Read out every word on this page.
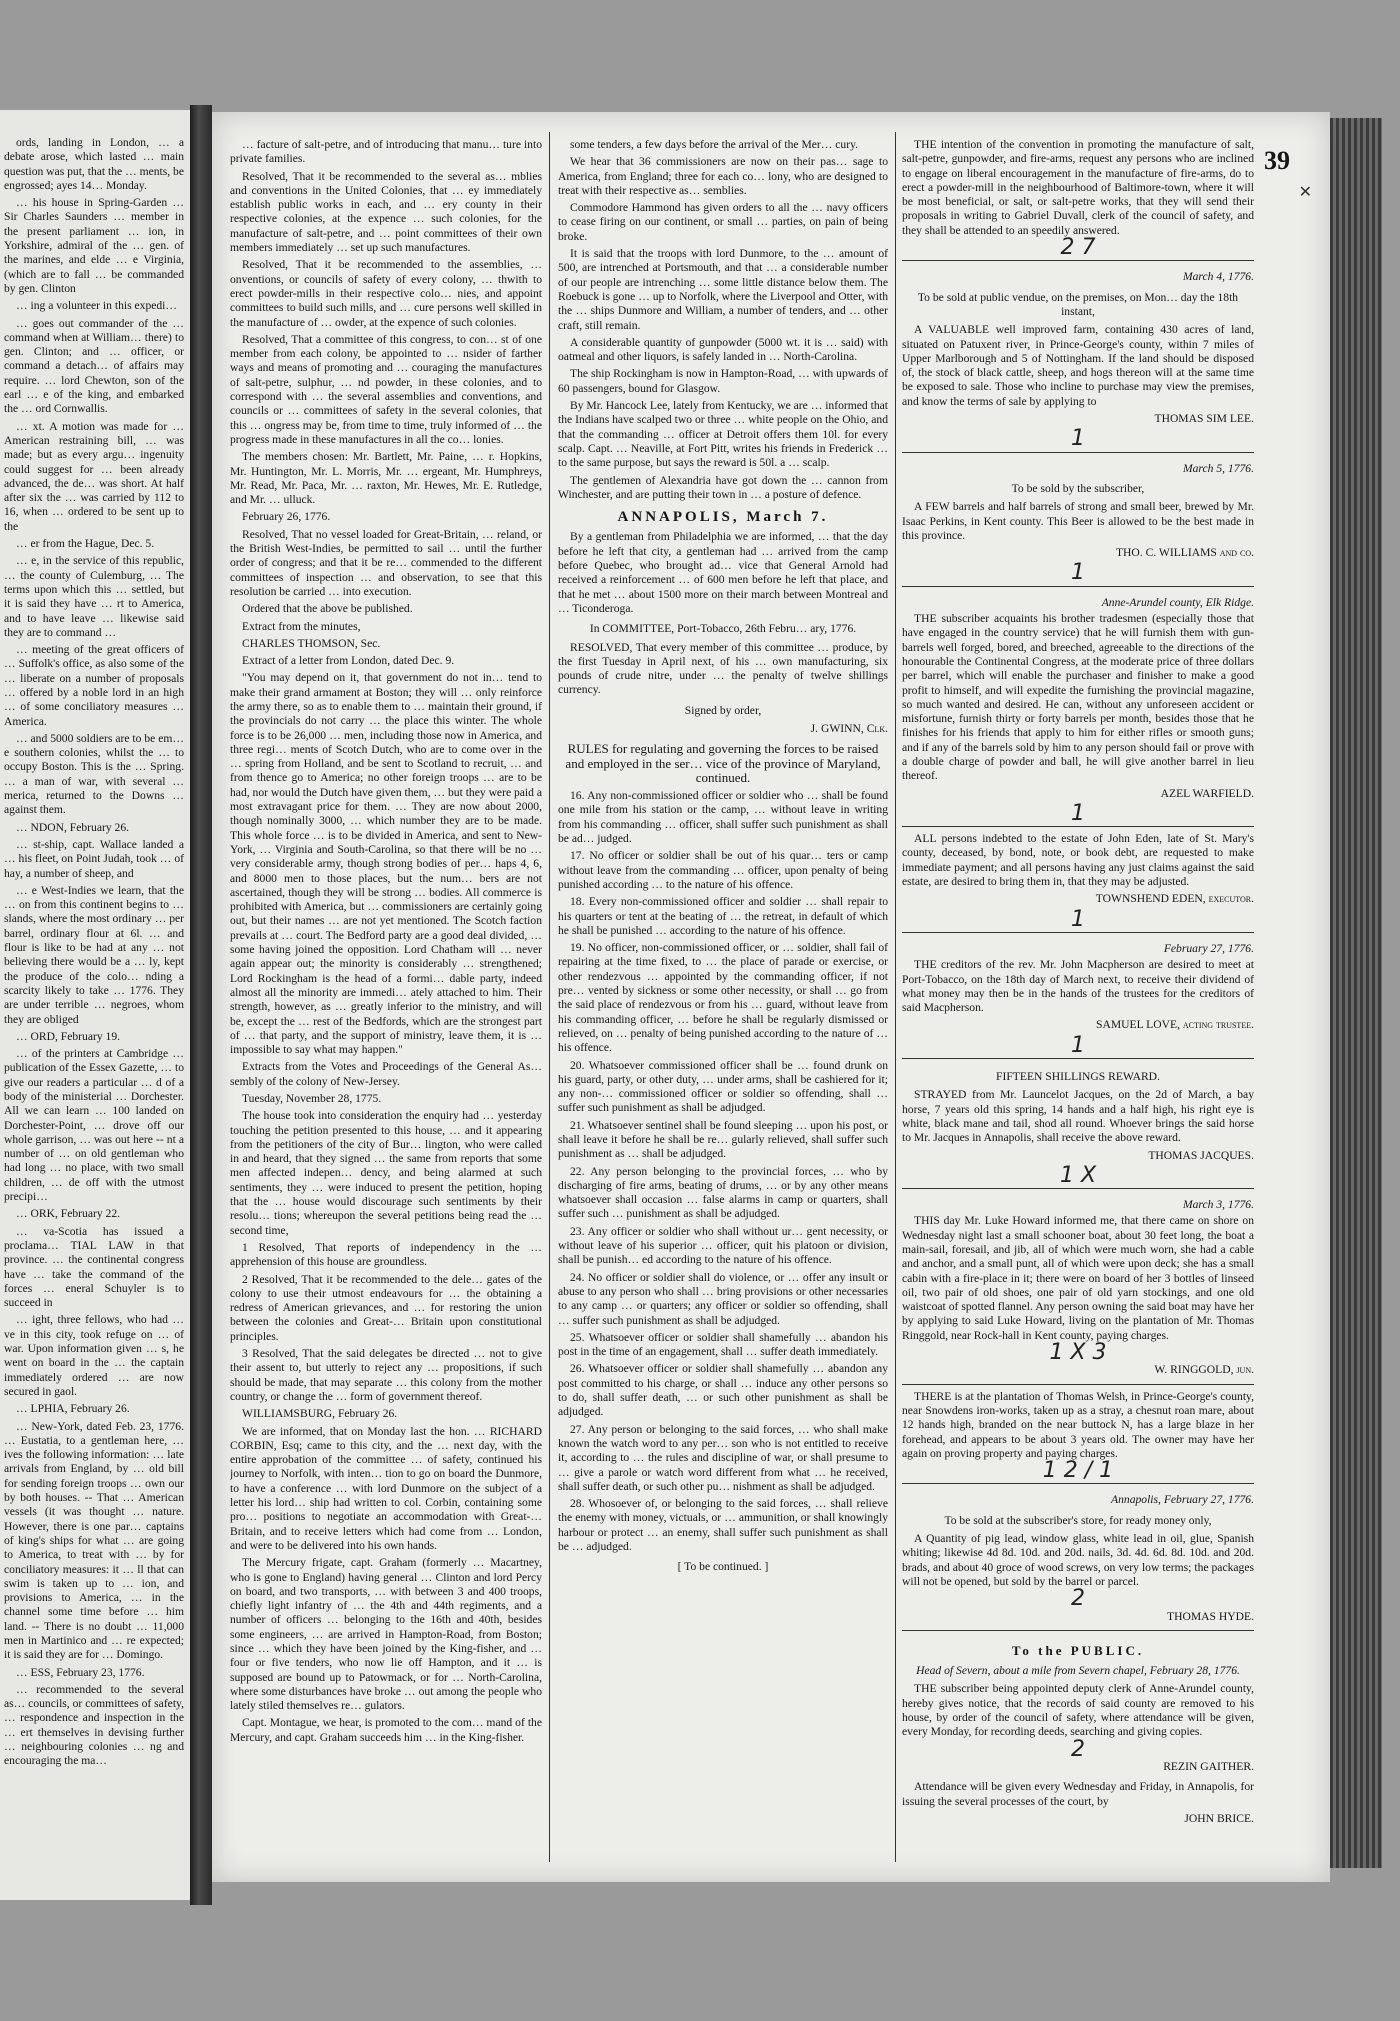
ords, landing in London, … a debate arose, which lasted … main question was put, that the … ments, be engrossed; ayes 14… Monday.

… his house in Spring-Garden … Sir Charles Saunders … member in the present parliament … ion, in Yorkshire, admiral of the … gen. of the marines, and elde … e Virginia, (which are to fall … be commanded by gen. Clinton

… ing a volunteer in this expedi…

… goes out commander of the … command when at William… there) to gen. Clinton; and … officer, or command a detach… of affairs may require. … lord Chewton, son of the earl … e of the king, and embarked the … ord Cornwallis.

… xt. A motion was made for … American restraining bill, … was made; but as every argu… ingenuity could suggest for … been already advanced, the de… was short. At half after six the … was carried by 112 to 16, when … ordered to be sent up to the

… er from the Hague, Dec. 5.

… e, in the service of this republic, … the county of Culemburg, … The terms upon which this … settled, but it is said they have … rt to America, and to have leave … likewise said they are to command …

… meeting of the great officers of … Suffolk's office, as also some of the … liberate on a number of proposals … offered by a noble lord in an high … of some conciliatory measures … America.

… and 5000 soldiers are to be em… e southern colonies, whilst the … to occupy Boston. This is the … Spring. … a man of war, with several … merica, returned to the Downs … against them.

… NDON, February 26.

… st-ship, capt. Wallace landed a … his fleet, on Point Judah, took … of hay, a number of sheep, and

… e West-Indies we learn, that the … on from this continent begins to … slands, where the most ordinary … per barrel, ordinary flour at 6l. … and flour is like to be had at any … not believing there would be a … ly, kept the produce of the colo… nding a scarcity likely to take … 1776. They are under terrible … negroes, whom they are obliged

… ORD, February 19.

… of the printers at Cambridge … publication of the Essex Gazette, … to give our readers a particular … d of a body of the ministerial … Dorchester. All we can learn … 100 landed on Dorchester-Point, … drove off our whole garrison, … was out here -- nt a number of … on old gentleman who had long … no place, with two small children, … de off with the utmost precipi…

… ORK, February 22.

… va-Scotia has issued a proclama… TIAL LAW in that province. … the continental congress have … take the command of the forces … eneral Schuyler is to succeed in

… ight, three fellows, who had … ve in this city, took refuge on … of war. Upon information given … s, he went on board in the … the captain immediately ordered … are now secured in gaol.

… LPHIA, February 26.

… New-York, dated Feb. 23, 1776. … Eustatia, to a gentleman here, … ives the following information: … late arrivals from England, by … old bill for sending foreign troops … own our by both houses. -- That … American vessels (it was thought … nature. However, there is one par… captains of king's ships for what … are going to America, to treat with … by for conciliatory measures: it … ll that can swim is taken up to … ion, and provisions to America, … in the channel some time before … him land. -- There is no doubt … 11,000 men in Martinico and … re expected; it is said they are for … Domingo.

… ESS, February 23, 1776.

… recommended to the several as… councils, or committees of safety, … respondence and inspection in the … ert themselves in devising further … neighbouring colonies … ng and encouraging the ma…

39

… facture of salt-petre, and of introducing that manu… ture into private families.

Resolved, That it be recommended to the several as… mblies and conventions in the United Colonies, that … ey immediately establish public works in each, and … ery county in their respective colonies, at the expence … such colonies, for the manufacture of salt-petre, and … point committees of their own members immediately … set up such manufactures.

Resolved, That it be recommended to the assemblies, … onventions, or councils of safety of every colony, … thwith to erect powder-mills in their respective colo… nies, and appoint committees to build such mills, and … cure persons well skilled in the manufacture of … owder, at the expence of such colonies.

Resolved, That a committee of this congress, to con… st of one member from each colony, be appointed to … nsider of farther ways and means of promoting and … couraging the manufactures of salt-petre, sulphur, … nd powder, in these colonies, and to correspond with … the several assemblies and conventions, and councils or … committees of safety in the several colonies, that this … ongress may be, from time to time, truly informed of … the progress made in these manufactures in all the co… lonies.

The members chosen: Mr. Bartlett, Mr. Paine, … r. Hopkins, Mr. Huntington, Mr. L. Morris, Mr. … ergeant, Mr. Humphreys, Mr. Read, Mr. Paca, Mr. … raxton, Mr. Hewes, Mr. E. Rutledge, and Mr. … ulluck.

February 26, 1776.

Resolved, That no vessel loaded for Great-Britain, … reland, or the British West-Indies, be permitted to sail … until the further order of congress; and that it be re… commended to the different committees of inspection … and observation, to see that this resolution be carried … into execution.

Ordered that the above be published.

Extract from the minutes,

CHARLES THOMSON, Sec.

Extract of a letter from London, dated Dec. 9.

"You may depend on it, that government do not in… tend to make their grand armament at Boston; they will … only reinforce the army there, so as to enable them to … maintain their ground, if the provincials do not carry … the place this winter. The whole force is to be 26,000 … men, including those now in America, and three regi… ments of Scotch Dutch, who are to come over in the … spring from Holland, and be sent to Scotland to recruit, … and from thence go to America; no other foreign troops … are to be had, nor would the Dutch have given them, … but they were paid a most extravagant price for them. … They are now about 2000, though nominally 3000, … which number they are to be made. This whole force … is to be divided in America, and sent to New-York, … Virginia and South-Carolina, so that there will be no … very considerable army, though strong bodies of per… haps 4, 6, and 8000 men to those places, but the num… bers are not ascertained, though they will be strong … bodies. All commerce is prohibited with America, but … commissioners are certainly going out, but their names … are not yet mentioned. The Scotch faction prevails at … court. The Bedford party are a good deal divided, … some having joined the opposition. Lord Chatham will … never again appear out; the minority is considerably … strengthened; Lord Rockingham is the head of a formi… dable party, indeed almost all the minority are immedi… ately attached to him. Their strength, however, as … greatly inferior to the ministry, and will be, except the … rest of the Bedfords, which are the strongest part of … that party, and the support of ministry, leave them, it is … impossible to say what may happen."

Extracts from the Votes and Proceedings of the General As… sembly of the colony of New-Jersey.

Tuesday, November 28, 1775.

The house took into consideration the enquiry had … yesterday touching the petition presented to this house, … and it appearing from the petitioners of the city of Bur… lington, who were called in and heard, that they signed … the same from reports that some men affected indepen… dency, and being alarmed at such sentiments, they … were induced to present the petition, hoping that the … house would discourage such sentiments by their resolu… tions; whereupon the several petitions being read the … second time,

1 Resolved, That reports of independency in the … apprehension of this house are groundless.

2 Resolved, That it be recommended to the dele… gates of the colony to use their utmost endeavours for … the obtaining a redress of American grievances, and … for restoring the union between the colonies and Great-… Britain upon constitutional principles.

3 Resolved, That the said delegates be directed … not to give their assent to, but utterly to reject any … propositions, if such should be made, that may separate … this colony from the mother country, or change the … form of government thereof.

WILLIAMSBURG, February 26.

We are informed, that on Monday last the hon. … RICHARD CORBIN, Esq; came to this city, and the … next day, with the entire approbation of the committee … of safety, continued his journey to Norfolk, with inten… tion to go on board the Dunmore, to have a conference … with lord Dunmore on the subject of a letter his lord… ship had written to col. Corbin, containing some pro… positions to negotiate an accommodation with Great-… Britain, and to receive letters which had come from … London, and were to be delivered into his own hands.

The Mercury frigate, capt. Graham (formerly … Macartney, who is gone to England) having general … Clinton and lord Percy on board, and two transports, … with between 3 and 400 troops, chiefly light infantry of … the 4th and 44th regiments, and a number of officers … belonging to the 16th and 40th, besides some engineers, … are arrived in Hampton-Road, from Boston; since … which they have been joined by the King-fisher, and … four or five tenders, who now lie off Hampton, and it … is supposed are bound up to Patowmack, or for … North-Carolina, where some disturbances have broke … out among the people who lately stiled themselves re… gulators.

Capt. Montague, we hear, is promoted to the com… mand of the Mercury, and capt. Graham succeeds him … in the King-fisher.

some tenders, a few days before the arrival of the Mer… cury.

We hear that 36 commissioners are now on their pas… sage to America, from England; three for each co… lony, who are designed to treat with their respective as… semblies.

Commodore Hammond has given orders to all the … navy officers to cease firing on our continent, or small … parties, on pain of being broke.

It is said that the troops with lord Dunmore, to the … amount of 500, are intrenched at Portsmouth, and that … a considerable number of our people are intrenching … some little distance below them. The Roebuck is gone … up to Norfolk, where the Liverpool and Otter, with the … ships Dunmore and William, a number of tenders, and … other craft, still remain.

A considerable quantity of gunpowder (5000 wt. it is … said) with oatmeal and other liquors, is safely landed in … North-Carolina.

The ship Rockingham is now in Hampton-Road, … with upwards of 60 passengers, bound for Glasgow.

By Mr. Hancock Lee, lately from Kentucky, we are … informed that the Indians have scalped two or three … white people on the Ohio, and that the commanding … officer at Detroit offers them 10l. for every scalp. Capt. … Neaville, at Fort Pitt, writes his friends in Frederick … to the same purpose, but says the reward is 50l. a … scalp.

The gentlemen of Alexandria have got down the … cannon from Winchester, and are putting their town in … a posture of defence.

ANNAPOLIS, March 7.

By a gentleman from Philadelphia we are informed, … that the day before he left that city, a gentleman had … arrived from the camp before Quebec, who brought ad… vice that General Arnold had received a reinforcement … of 600 men before he left that place, and that he met … about 1500 more on their march between Montreal and … Ticonderoga.

In COMMITTEE, Port-Tobacco, 26th Febru… ary, 1776.

RESOLVED, That every member of this committee … produce, by the first Tuesday in April next, of his … own manufacturing, six pounds of crude nitre, under … the penalty of twelve shillings currency.

Signed by order,

J. GWINN, Clk.

RULES for regulating and governing the forces to be raised and employed in the ser… vice of the province of Maryland, continued.

16. Any non-commissioned officer or soldier who … shall be found one mile from his station or the camp, … without leave in writing from his commanding … officer, shall suffer such punishment as shall be ad… judged.

17. No officer or soldier shall be out of his quar… ters or camp without leave from the commanding … officer, upon penalty of being punished according … to the nature of his offence.

18. Every non-commissioned officer and soldier … shall repair to his quarters or tent at the beating of … the retreat, in default of which he shall be punished … according to the nature of his offence.

19. No officer, non-commissioned officer, or … soldier, shall fail of repairing at the time fixed, to … the place of parade or exercise, or other rendezvous … appointed by the commanding officer, if not pre… vented by sickness or some other necessity, or shall … go from the said place of rendezvous or from his … guard, without leave from his commanding officer, … before he shall be regularly dismissed or relieved, on … penalty of being punished according to the nature of … his offence.

20. Whatsoever commissioned officer shall be … found drunk on his guard, party, or other duty, … under arms, shall be cashiered for it; any non-… commissioned officer or soldier so offending, shall … suffer such punishment as shall be adjudged.

21. Whatsoever sentinel shall be found sleeping … upon his post, or shall leave it before he shall be re… gularly relieved, shall suffer such punishment as … shall be adjudged.

22. Any person belonging to the provincial forces, … who by discharging of fire arms, beating of drums, … or by any other means whatsoever shall occasion … false alarms in camp or quarters, shall suffer such … punishment as shall be adjudged.

23. Any officer or soldier who shall without ur… gent necessity, or without leave of his superior … officer, quit his platoon or division, shall be punish… ed according to the nature of his offence.

24. No officer or soldier shall do violence, or … offer any insult or abuse to any person who shall … bring provisions or other necessaries to any camp … or quarters; any officer or soldier so offending, shall … suffer such punishment as shall be adjudged.

25. Whatsoever officer or soldier shall shamefully … abandon his post in the time of an engagement, shall … suffer death immediately.

26. Whatsoever officer or soldier shall shamefully … abandon any post committed to his charge, or shall … induce any other persons so to do, shall suffer death, … or such other punishment as shall be adjudged.

27. Any person or belonging to the said forces, … who shall make known the watch word to any per… son who is not entitled to receive it, according to … the rules and discipline of war, or shall presume to … give a parole or watch word different from what … he received, shall suffer death, or such other pu… nishment as shall be adjudged.

28. Whosoever of, or belonging to the said forces, … shall relieve the enemy with money, victuals, or … ammunition, or shall knowingly harbour or protect … an enemy, shall suffer such punishment as shall be … adjudged.

[ To be continued. ]

THE intention of the convention in promoting the manufacture of salt, salt-petre, gunpowder, and fire-arms, request any persons who are inclined to engage on liberal encouragement in the manufacture of fire-arms, do to erect a powder-mill in the neighbourhood of Baltimore-town, where it will be most beneficial, or salt, or salt-petre works, that they will send their proposals in writing to Gabriel Duvall, clerk of the council of safety, and they shall be attended to an speedily answered.

2 7

March 4, 1776.

To be sold at public vendue, on the premises, on Mon… day the 18th instant,

A VALUABLE well improved farm, containing 430 acres of land, situated on Patuxent river, in Prince-George's county, within 7 miles of Upper Marlborough and 5 of Nottingham. If the land should be disposed of, the stock of black cattle, sheep, and hogs thereon will at the same time be exposed to sale. Those who incline to purchase may view the premises, and know the terms of sale by applying to

THOMAS SIM LEE.

1

March 5, 1776.

To be sold by the subscriber,

A FEW barrels and half barrels of strong and small beer, brewed by Mr. Isaac Perkins, in Kent county. This Beer is allowed to be the best made in this province.

THO. C. WILLIAMS and co.

1

Anne-Arundel county, Elk Ridge.

THE subscriber acquaints his brother tradesmen (especially those that have engaged in the country service) that he will furnish them with gun-barrels well forged, bored, and breeched, agreeable to the directions of the honourable the Continental Congress, at the moderate price of three dollars per barrel, which will enable the purchaser and finisher to make a good profit to himself, and will expedite the furnishing the provincial magazine, so much wanted and desired. He can, without any unforeseen accident or misfortune, furnish thirty or forty barrels per month, besides those that he finishes for his friends that apply to him for either rifles or smooth guns; and if any of the barrels sold by him to any person should fail or prove with a double charge of powder and ball, he will give another barrel in lieu thereof.

AZEL WARFIELD.

1

ALL persons indebted to the estate of John Eden, late of St. Mary's county, deceased, by bond, note, or book debt, are requested to make immediate payment; and all persons having any just claims against the said estate, are desired to bring them in, that they may be adjusted.

TOWNSHEND EDEN, executor.

1

February 27, 1776.

THE creditors of the rev. Mr. John Macpherson are desired to meet at Port-Tobacco, on the 18th day of March next, to receive their dividend of what money may then be in the hands of the trustees for the creditors of said Macpherson.

SAMUEL LOVE, acting trustee.

1

FIFTEEN SHILLINGS REWARD.

STRAYED from Mr. Launcelot Jacques, on the 2d of March, a bay horse, 7 years old this spring, 14 hands and a half high, his right eye is white, black mane and tail, shod all round. Whoever brings the said horse to Mr. Jacques in Annapolis, shall receive the above reward.

THOMAS JACQUES.

1 X

March 3, 1776.

THIS day Mr. Luke Howard informed me, that there came on shore on Wednesday night last a small schooner boat, about 30 feet long, the boat a main-sail, foresail, and jib, all of which were much worn, she had a cable and anchor, and a small punt, all of which were upon deck; she has a small cabin with a fire-place in it; there were on board of her 3 bottles of linseed oil, two pair of old shoes, one pair of old yarn stockings, and one old waistcoat of spotted flannel. Any person owning the said boat may have her by applying to said Luke Howard, living on the plantation of Mr. Thomas Ringgold, near Rock-hall in Kent county, paying charges.

1 X 3

W. RINGGOLD, jun.

THERE is at the plantation of Thomas Welsh, in Prince-George's county, near Snowdens iron-works, taken up as a stray, a chesnut roan mare, about 12 hands high, branded on the near buttock N, has a large blaze in her forehead, and appears to be about 3 years old. The owner may have her again on proving property and paying charges.

1 2 / 1

Annapolis, February 27, 1776.

To be sold at the subscriber's store, for ready money only,

A Quantity of pig lead, window glass, white lead in oil, glue, Spanish whiting; likewise 4d 8d. 10d. and 20d. nails, 3d. 4d. 6d. 8d. 10d. and 20d. brads, and about 40 groce of wood screws, on very low terms; the packages will not be opened, but sold by the barrel or parcel.

2

THOMAS HYDE.

To the PUBLIC.

Head of Severn, about a mile from Severn chapel, February 28, 1776.

THE subscriber being appointed deputy clerk of Anne-Arundel county, hereby gives notice, that the records of said county are removed to his house, by order of the council of safety, where attendance will be given, every Monday, for recording deeds, searching and giving copies.

2

REZIN GAITHER.

Attendance will be given every Wednesday and Friday, in Annapolis, for issuing the several processes of the court, by

JOHN BRICE.

✕
